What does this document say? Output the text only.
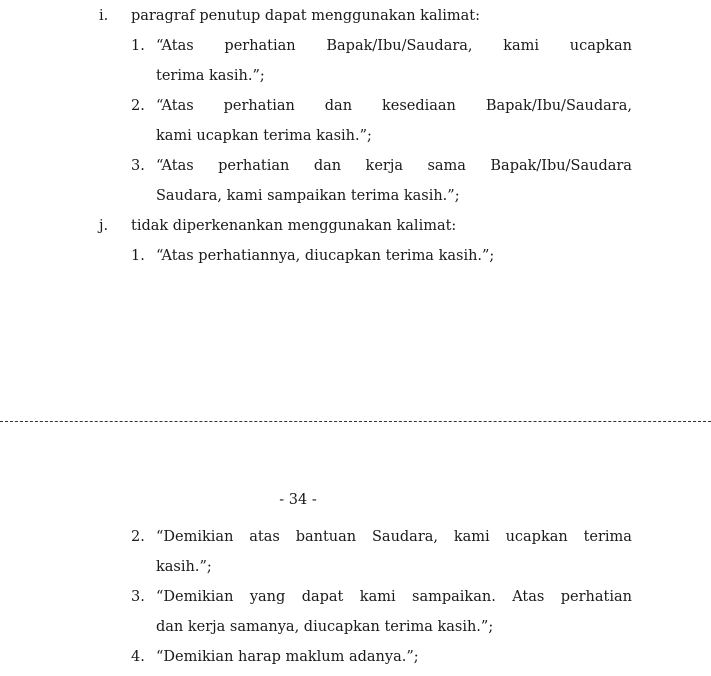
i. paragraf penutup dapat menggunakan kalimat:
1. “Atas perhatian Bapak/Ibu/Saudara, kami ucapkan
terima kasih.”;
2. “Atas perhatian dan kesediaan Bapak/Ibu/Saudara,
kami ucapkan terima kasih.”;
3. “Atas perhatian dan kerja sama Bapak/Ibu/Saudara
Saudara, kami sampaikan terima kasih.”;
j. tidak diperkenankan menggunakan kalimat:
1. “Atas perhatiannya, diucapkan terima kasih.”;
- 34 -
2. “Demikian atas bantuan Saudara, kami ucapkan terima
kasih.”;
3. “Demikian yang dapat kami sampaikan. Atas perhatian
dan kerja samanya, diucapkan terima kasih.”;
4. “Demikian harap maklum adanya.”;
